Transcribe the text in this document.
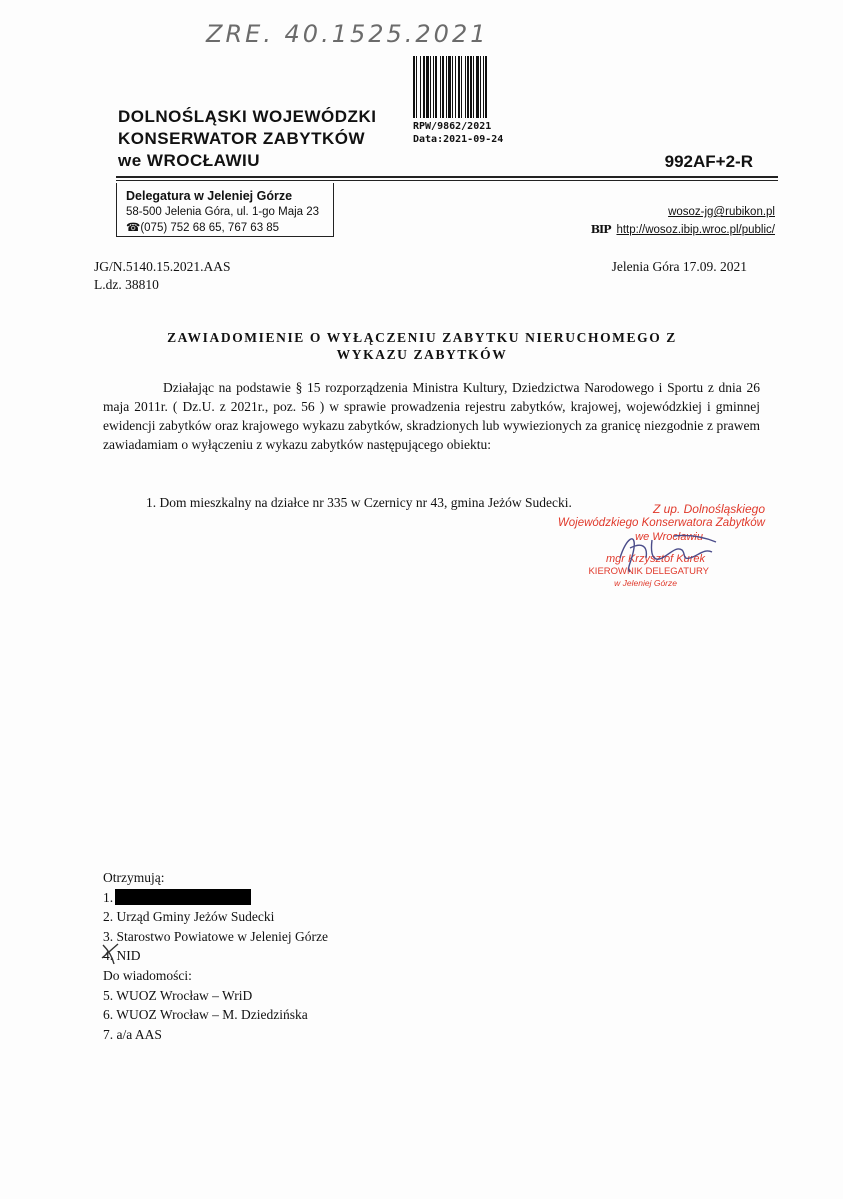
ZRE. 40.1525.2021
RPW/9862/2021
Data:2021-09-24
DOLNOŚLĄSKI WOJEWÓDZKI
KONSERWATOR ZABYTKÓW
we WROCŁAWIU	992AF+2-R
Delegatura w Jeleniej Górze
58-500 Jelenia Góra, ul. 1-go Maja 23
☎(075) 752 68 65, 767 63 85
wosoz-jg@rubikon.pl
BIP http://wosoz.ibip.wroc.pl/public/
JG/N.5140.15.2021.AAS
L.dz. 38810
Jelenia Góra 17.09. 2021
ZAWIADOMIENIE O WYŁĄCZENIU ZABYTKU NIERUCHOMEGO Z
WYKAZU ZABYTKÓW
Działając na podstawie § 15 rozporządzenia Ministra Kultury, Dziedzictwa Narodowego i Sportu z dnia 26 maja 2011r. ( Dz.U. z 2021r., poz. 56 ) w sprawie prowadzenia rejestru zabytków, krajowej, wojewódzkiej i gminnej ewidencji zabytków oraz krajowego wykazu zabytków, skradzionych lub wywiezionych za granicę niezgodnie z prawem zawiadamiam o wyłączeniu z wykazu zabytków następującego obiektu:
1. Dom mieszkalny na działce nr 335 w Czernicy nr 43, gmina Jeżów Sudecki.	Z up. Dolnośląskiego
Wojewódzkiego Konserwatora Zabytków
we Wrocławiu
mgr Krzysztof Kurek
KIEROWNIK DELEGATURY
w Jeleniej Górze
Otrzymują:
1.
2. Urząd Gminy Jeżów Sudecki
3. Starostwo Powiatowe w Jeleniej Górze
4. NID
Do wiadomości:
5. WUOZ Wrocław – WriD
6. WUOZ Wrocław – M. Dziedzińska
7. a/a AAS
